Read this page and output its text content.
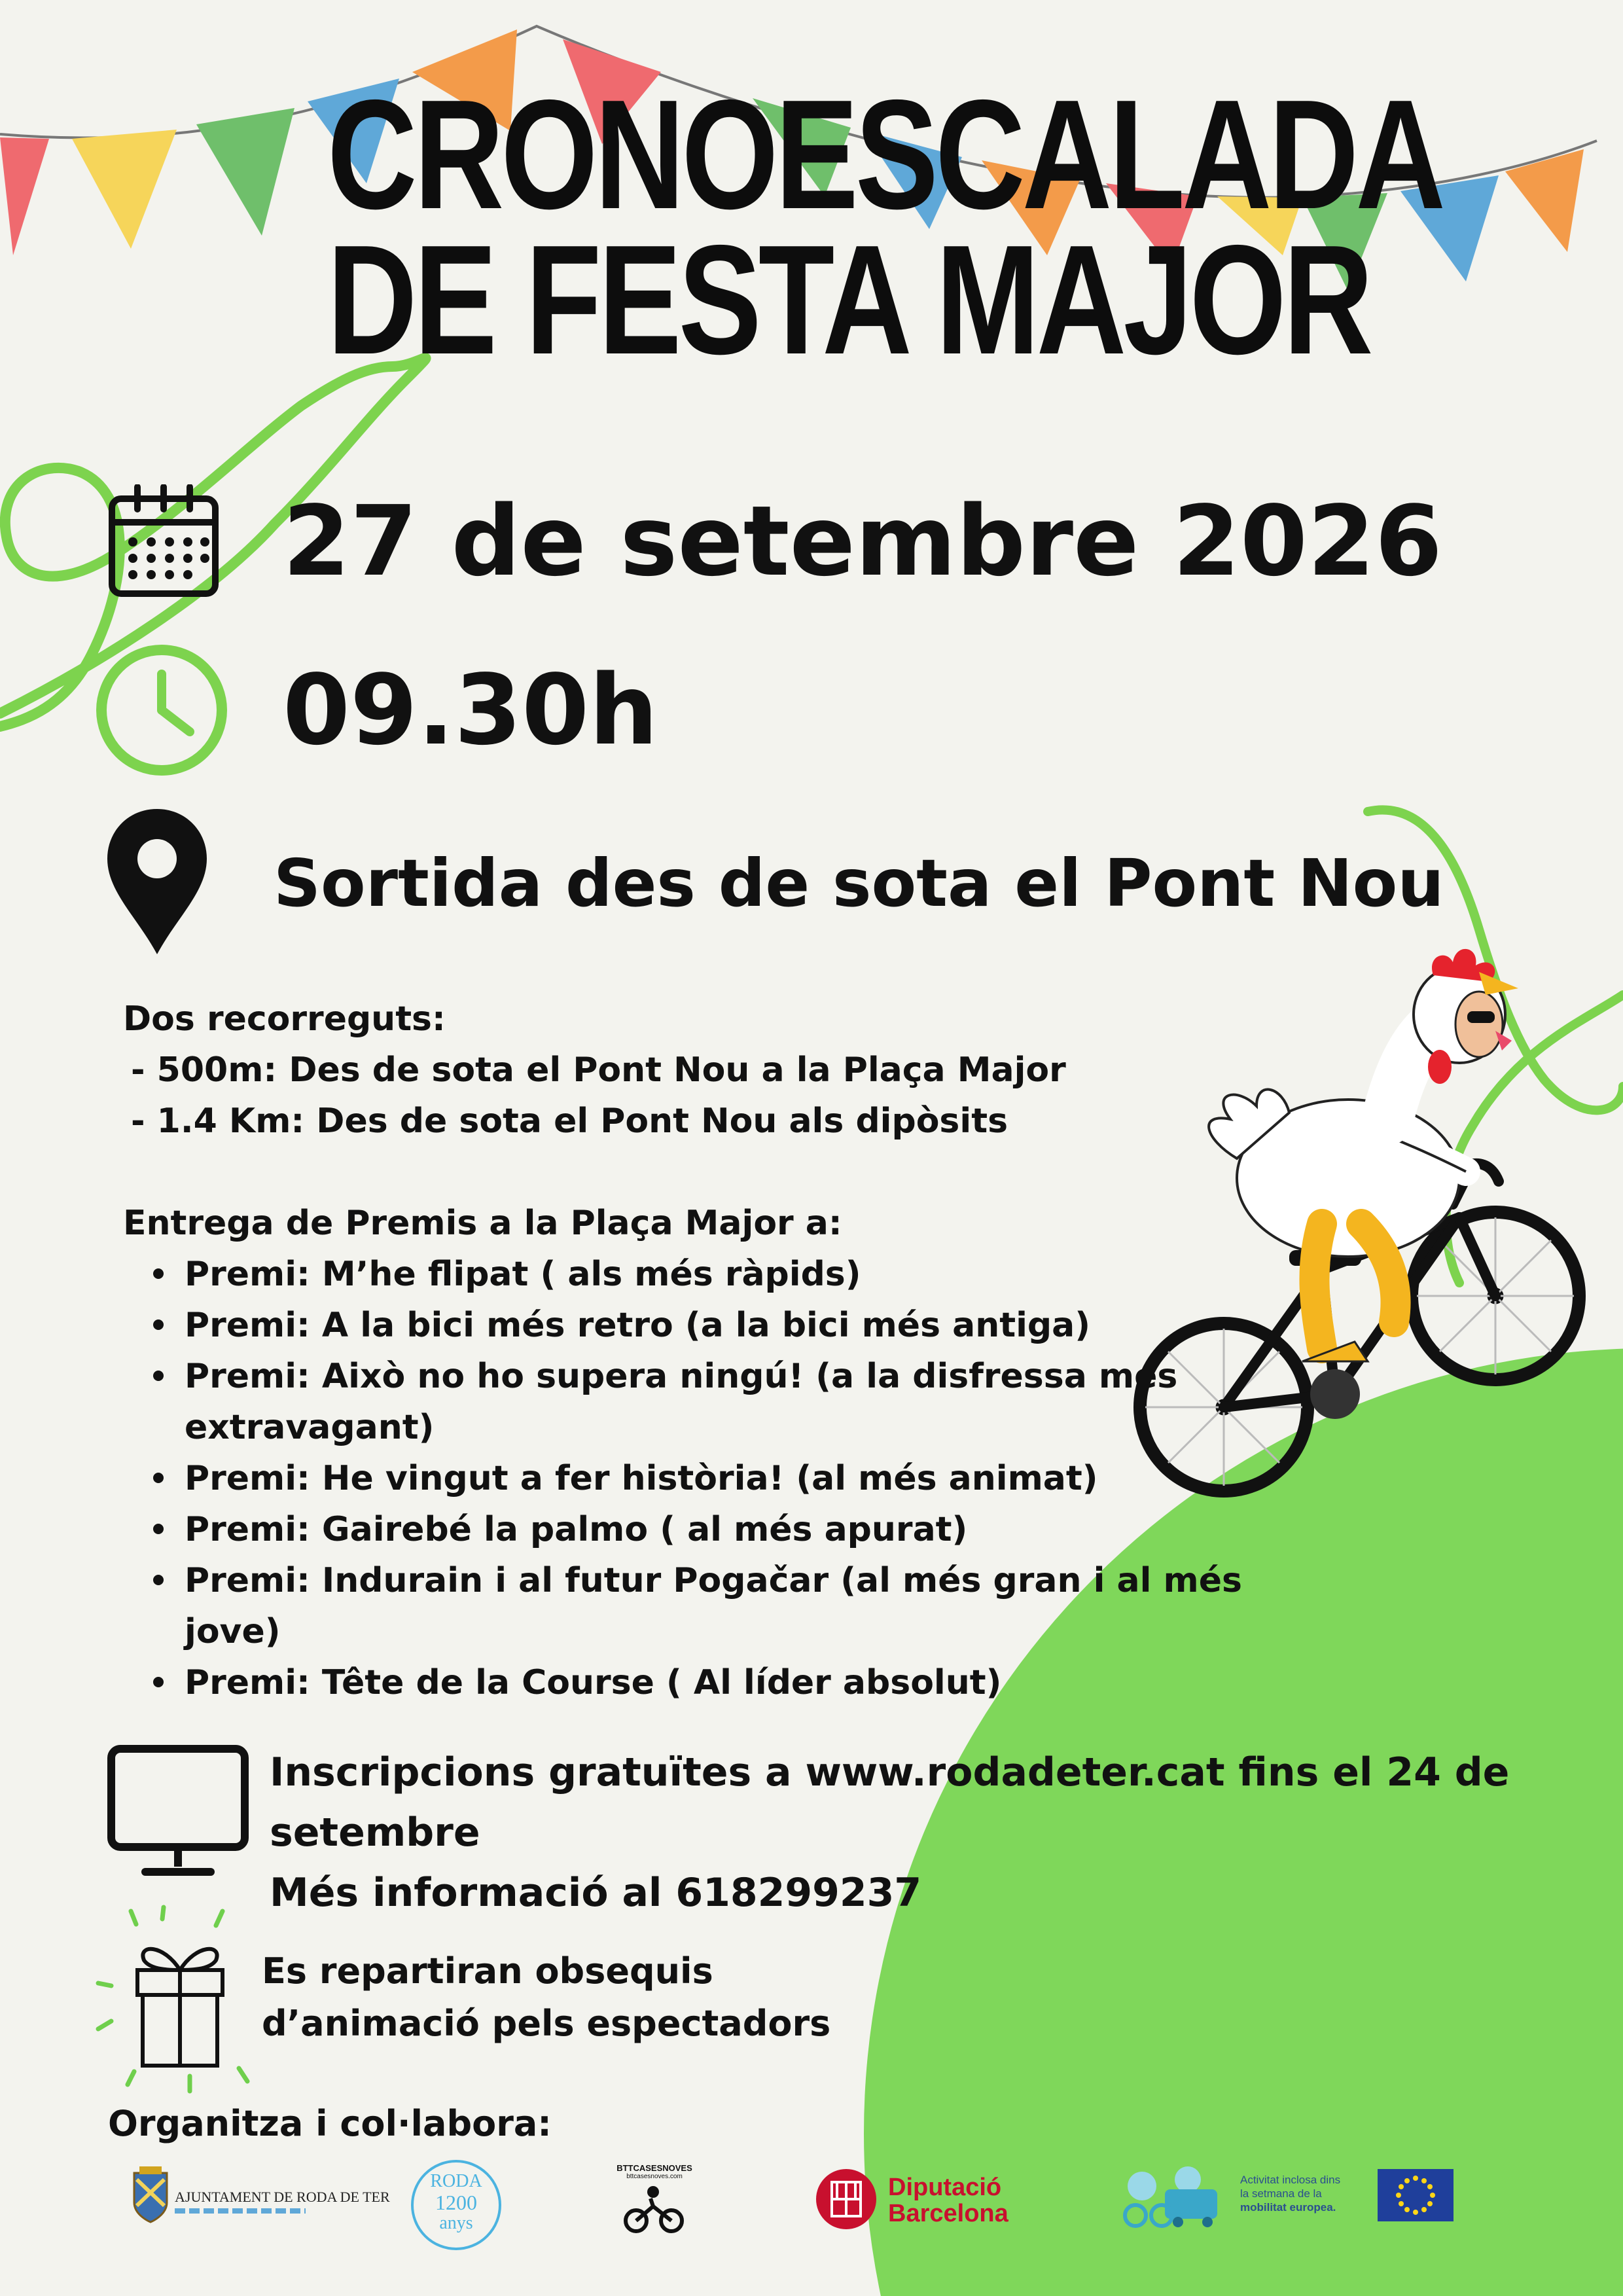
CRONOESCALADA
DE FESTA MAJOR
27 de setembre 2026
09.30h
Sortida des de sota el Pont Nou
Dos recorreguts:
- 500m: Des de sota el Pont Nou a la Plaça Major
- 1.4 Km: Des de sota el Pont Nou als dipòsits
Entrega de Premis a la Plaça Major a:
Premi: M’he flipat ( als més ràpids)
Premi: A la bici més retro (a la bici més antiga)
Premi: Això no ho supera ningú! (a la disfressa més
extravagant)
Premi: He vingut a fer història! (al més animat)
Premi: Gairebé la palmo ( al més apurat)
Premi: Indurain i al futur Pogačar (al més gran i al més
jove)
Premi: Tête de la Course ( Al líder absolut)
Inscripcions gratuïtes a www.rodadeter.cat fins el 24 de
setembre
Més informació al 618299237
Es repartiran obsequis
d’animació pels espectadors
Organitza i col·labora:
AJUNTAMENT DE RODA DE TER
RODA
1200
anys
BTTCASESNOVES
bttcasesnoves.com	Diputació
Barcelona
Activitat inclosa dins
la setmana de la
mobilitat europea.
